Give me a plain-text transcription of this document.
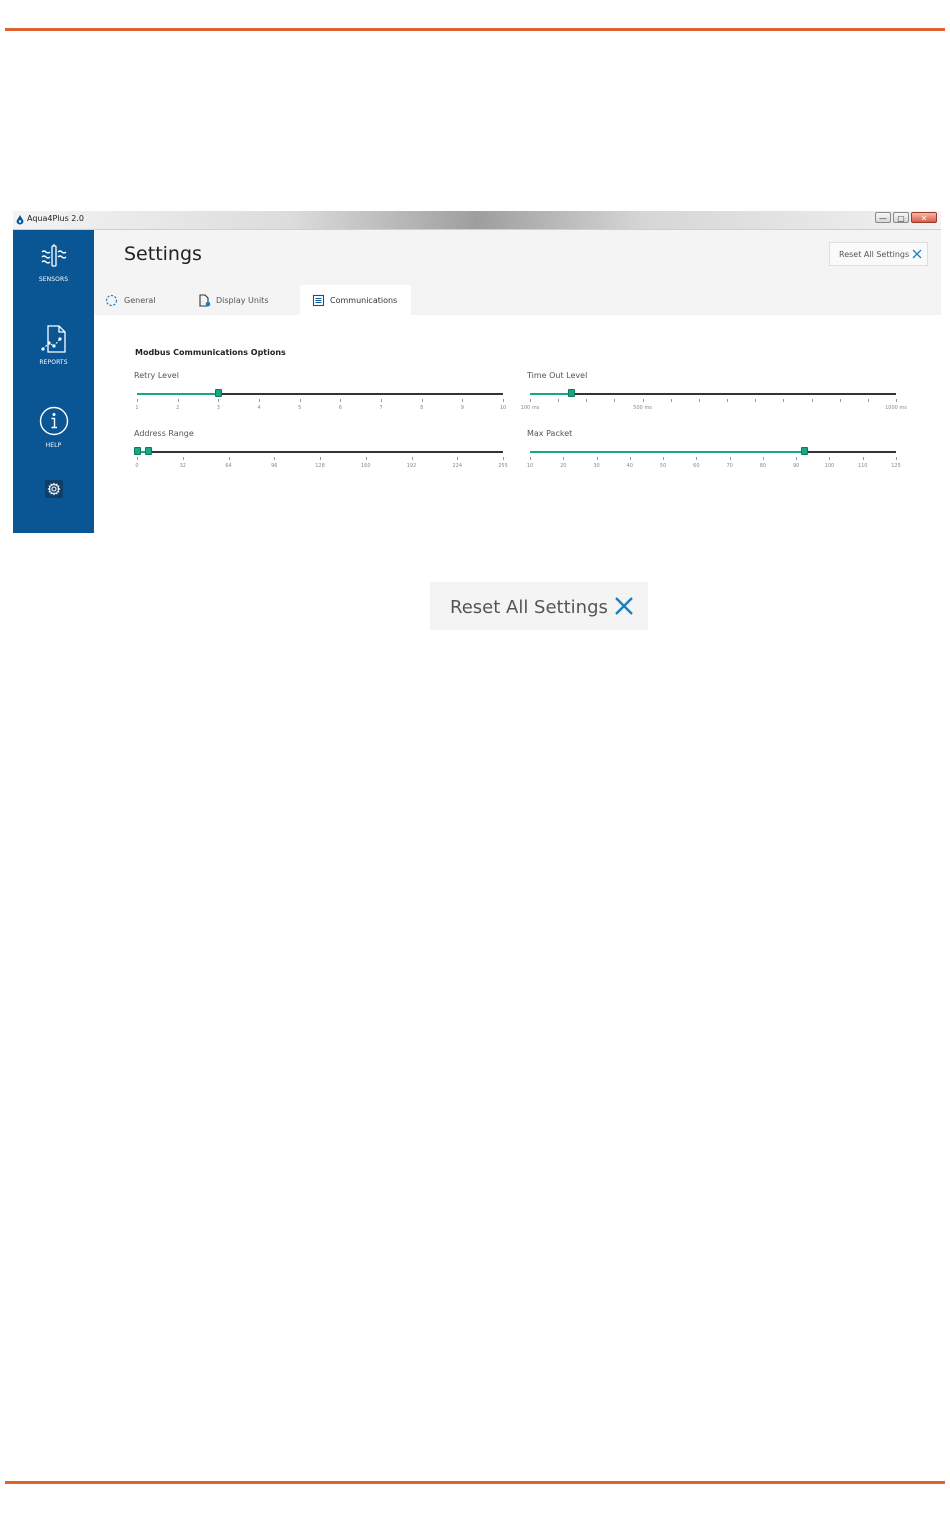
Aqua4Plus 2.0	—	▢	✕
SENSORS
REPORTS
HELP
Settings	Reset All Settings
General	Display Units	Communications
Modbus Communications Options
Retry Level
1	2	3	4	5	6	7	8	9	10
Time Out Level
100 ms	500 ms	1000 ms
Address Range
0	32	64	96	128	160	192	224	255
Max Packet
10	20	30	40	50	60	70	80	90	100	110	125
Reset All Settings
